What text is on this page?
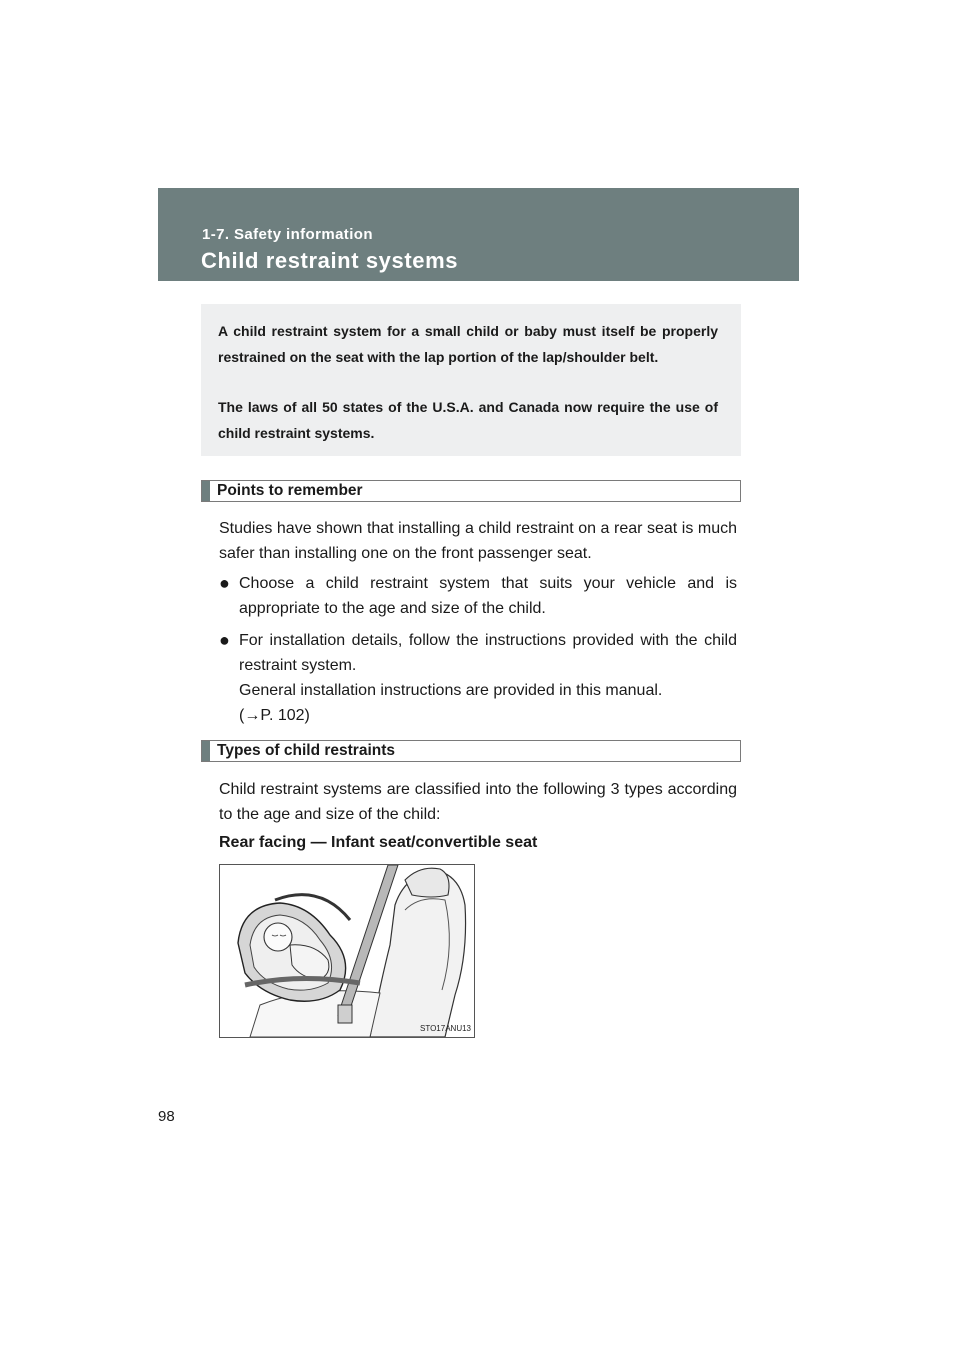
1-7. Safety information
Child restraint systems

A child restraint system for a small child or baby must itself be properly restrained on the seat with the lap portion of the lap/shoulder belt.

The laws of all 50 states of the U.S.A. and Canada now require the use of child restraint systems.

Points to remember

Studies have shown that installing a child restraint on a rear seat is much safer than installing one on the front passenger seat.

● Choose a child restraint system that suits your vehicle and is appropriate to the age and size of the child.
● For installation details, follow the instructions provided with the child restraint system.
General installation instructions are provided in this manual.
(→P. 102)
Types of child restraints

Child restraint systems are classified into the following 3 types according to the age and size of the child:

Rear facing — Infant seat/convertible seat
STO17ANU13
98
